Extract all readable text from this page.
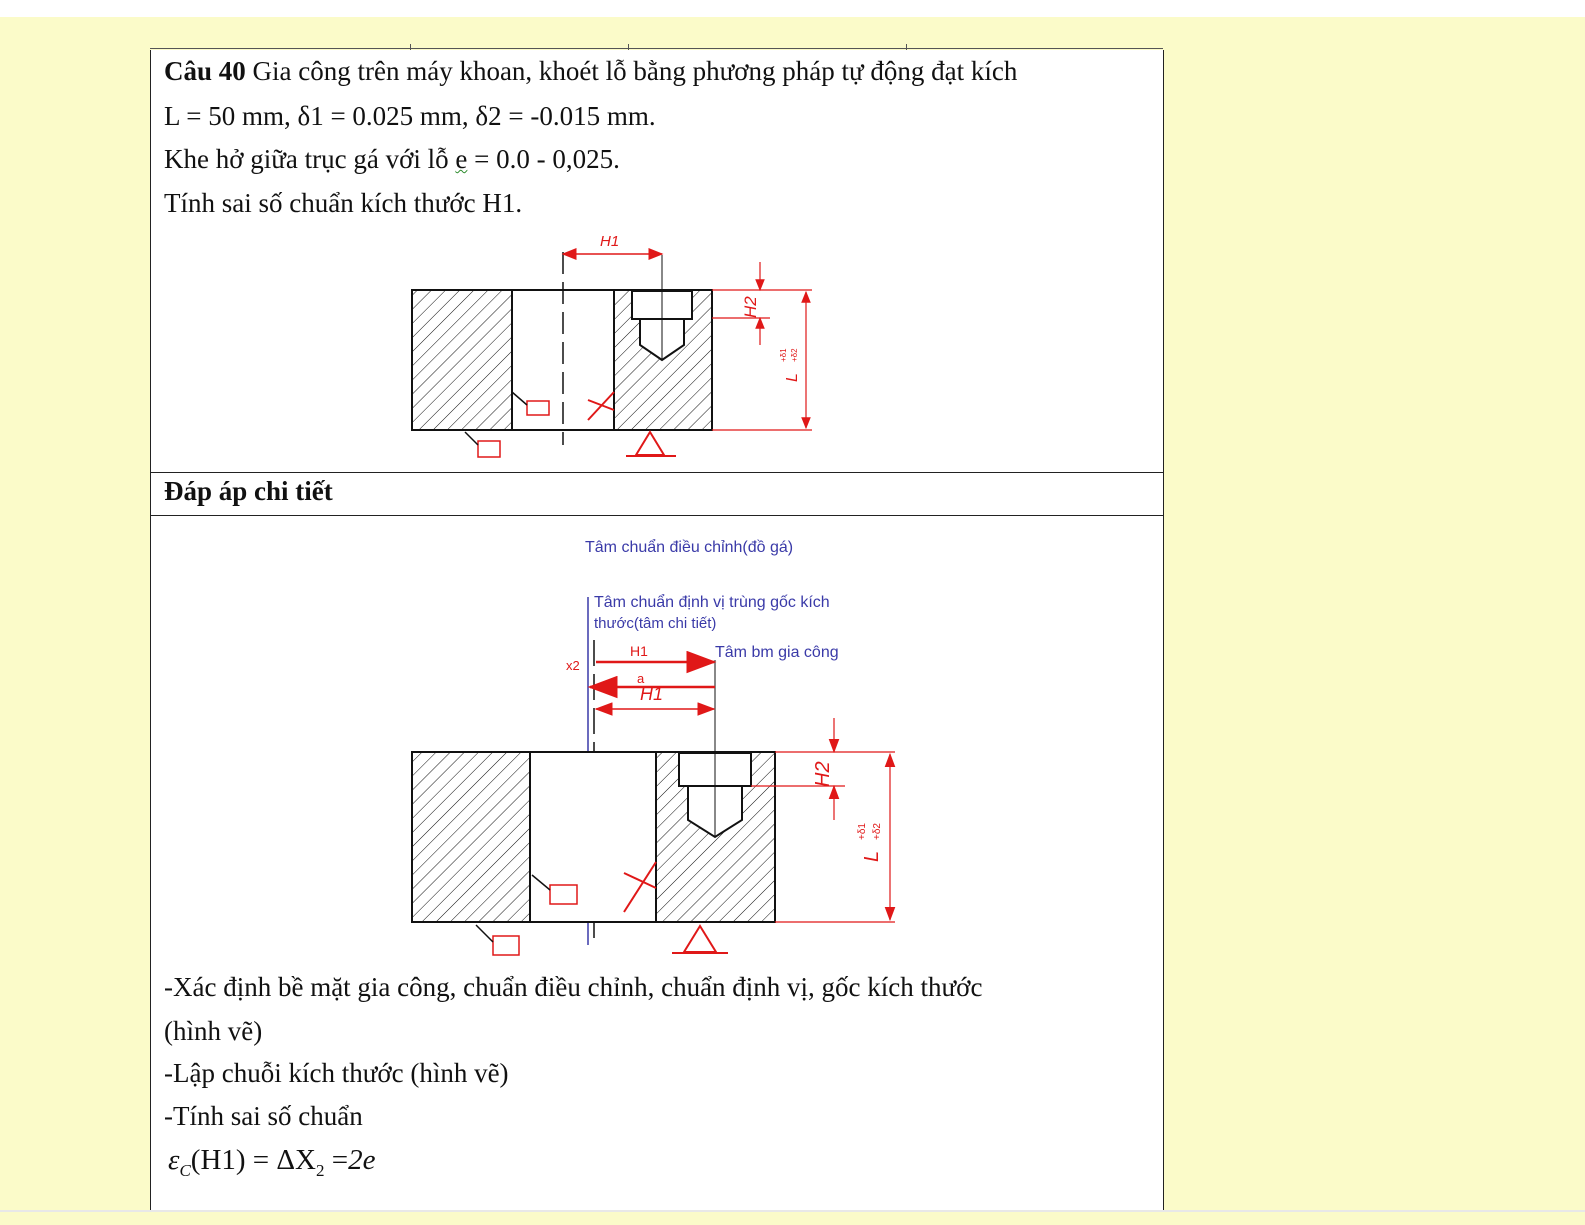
Câu 40 Gia công trên máy khoan, khoét lỗ bằng phương pháp tự động đạt kích
L = 50 mm, δ1 = 0.025 mm, δ2 = -0.015 mm.
Khe hở giữa trục gá với lỗ e = 0.0 - 0,025.
Tính sai số chuẩn kích thước H1.
H1
H2
L
+δ1 +δ2
Đáp áp chi tiết
Tâm chuẩn điều chỉnh(đồ gá)
Tâm chuẩn định vị trùng gốc kích
thước(tâm chi tiết)
Tâm bm gia công
x2
H1
a
H1
H2
L
+δ1 +δ2
-Xác định bề mặt gia công, chuẩn điều chỉnh, chuẩn định vị, gốc kích thước
(hình vẽ)
-Lập chuỗi kích thước (hình vẽ)
-Tính sai số chuẩn
$\varepsilon_C(H1) = \Delta X_2 =2e$
